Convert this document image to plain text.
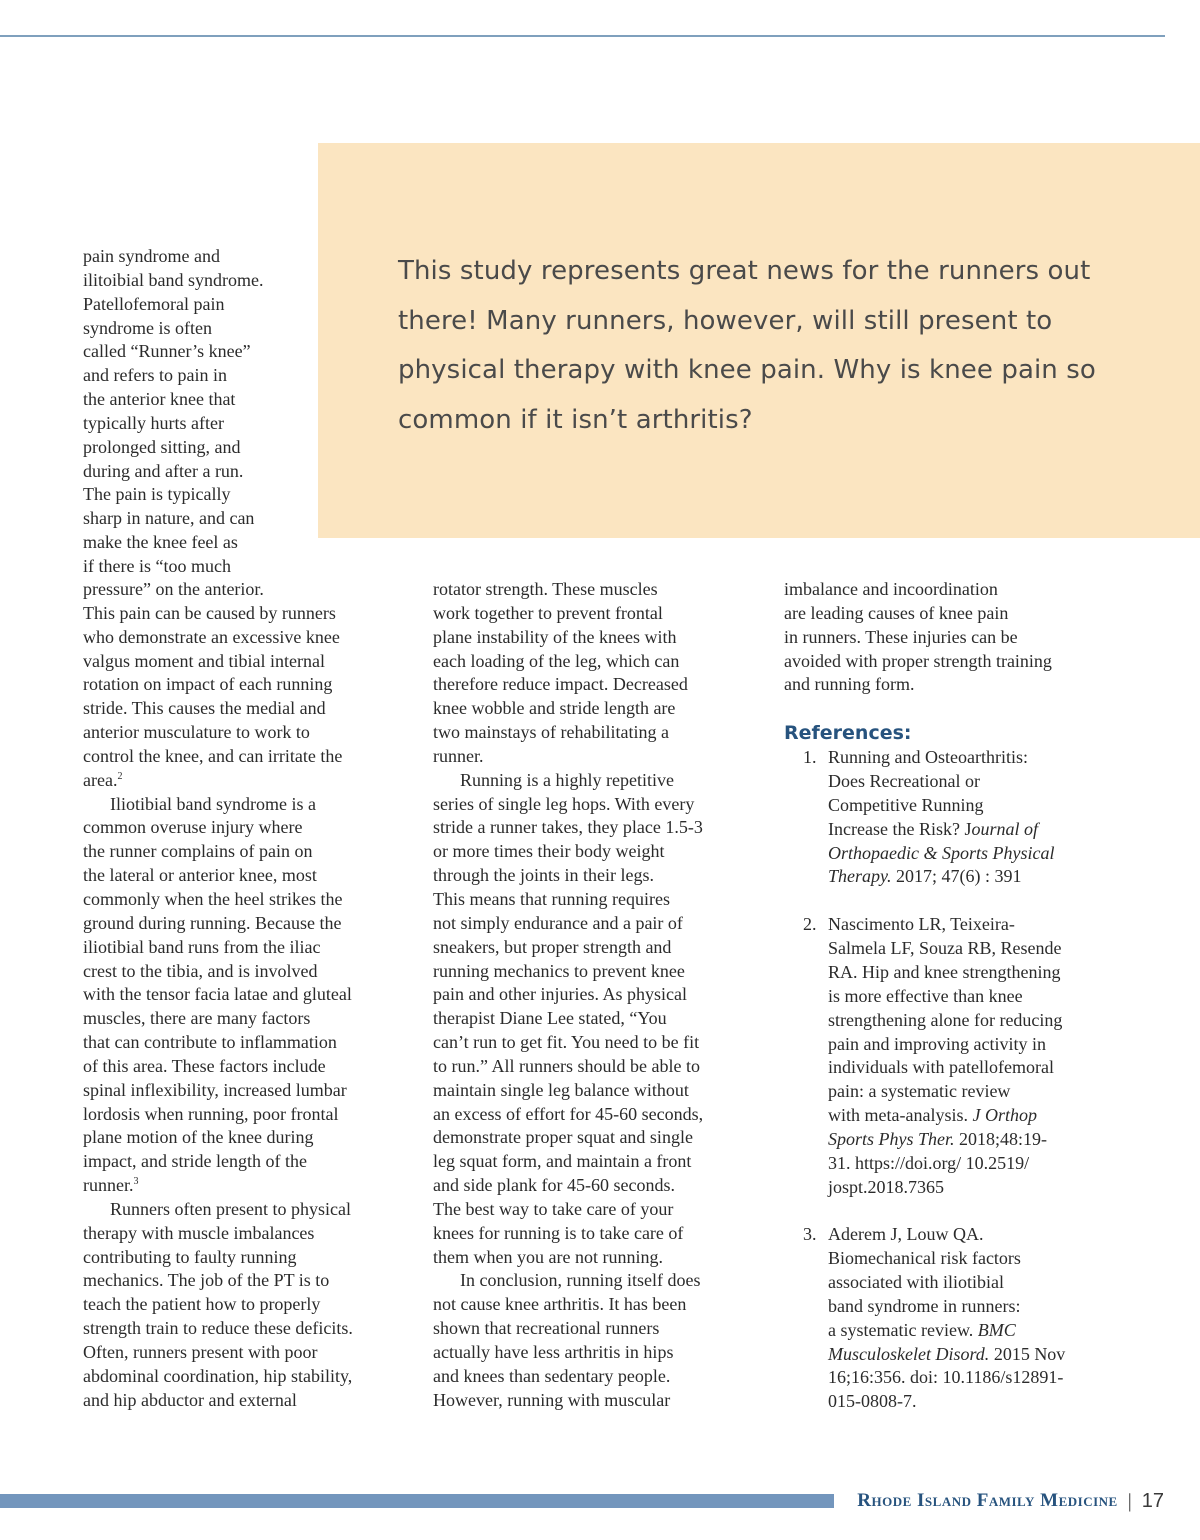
This study represents great news for the runners out there! Many runners, however, will still present to physical therapy with knee pain. Why is knee pain so common if it isn’t arthritis?

pain syndrome and
ilitoibial band syndrome.
Patellofemoral pain
syndrome is often
called “Runner’s knee”
and refers to pain in
the anterior knee that
typically hurts after
prolonged sitting, and
during and after a run.
The pain is typically
sharp in nature, and can
make the knee feel as
if there is “too much
pressure” on the anterior.
This pain can be caused by runners
who demonstrate an excessive knee
valgus moment and tibial internal
rotation on impact of each running
stride. This causes the medial and
anterior musculature to work to
control the knee, and can irritate the
area.$^2$
Iliotibial band syndrome is a
common overuse injury where
the runner complains of pain on
the lateral or anterior knee, most
commonly when the heel strikes the
ground during running. Because the
iliotibial band runs from the iliac
crest to the tibia, and is involved
with the tensor facia latae and gluteal
muscles, there are many factors
that can contribute to inflammation
of this area. These factors include
spinal inflexibility, increased lumbar
lordosis when running, poor frontal
plane motion of the knee during
impact, and stride length of the
runner.$^3$
Runners often present to physical
therapy with muscle imbalances
contributing to faulty running
mechanics. The job of the PT is to
teach the patient how to properly
strength train to reduce these deficits.
Often, runners present with poor
abdominal coordination, hip stability,
and hip abductor and external
rotator strength. These muscles
work together to prevent frontal
plane instability of the knees with
each loading of the leg, which can
therefore reduce impact. Decreased
knee wobble and stride length are
two mainstays of rehabilitating a
runner.
Running is a highly repetitive
series of single leg hops. With every
stride a runner takes, they place 1.5-3
or more times their body weight
through the joints in their legs.
This means that running requires
not simply endurance and a pair of
sneakers, but proper strength and
running mechanics to prevent knee
pain and other injuries. As physical
therapist Diane Lee stated, “You
can’t run to get fit. You need to be fit
to run.” All runners should be able to
maintain single leg balance without
an excess of effort for 45-60 seconds,
demonstrate proper squat and single
leg squat form, and maintain a front
and side plank for 45-60 seconds.
The best way to take care of your
knees for running is to take care of
them when you are not running.
In conclusion, running itself does
not cause knee arthritis. It has been
shown that recreational runners
actually have less arthritis in hips
and knees than sedentary people.
However, running with muscular
imbalance and incoordination
are leading causes of knee pain
in runners. These injuries can be
avoided with proper strength training
and running form.
References:
1. Running and Osteoarthritis:
Does Recreational or
Competitive Running
Increase the Risk? Journal of
Orthopaedic & Sports Physical
Therapy. 2017; 47(6) : 391
2. Nascimento LR, Teixeira-
Salmela LF, Souza RB, Resende
RA. Hip and knee strengthening
is more effective than knee
strengthening alone for reducing
pain and improving activity in
individuals with patellofemoral
pain: a systematic review
with meta-analysis. J Orthop
Sports Phys Ther. 2018;48:19-
31. https://doi.org/ 10.2519/
jospt.2018.7365
3. Aderem J, Louw QA.
Biomechanical risk factors
associated with iliotibial
band syndrome in runners:
a systematic review. BMC
Musculoskelet Disord. 2015 Nov
16;16:356. doi: 10.1186/s12891-
015-0808-7.
Rhode Island Family Medicine | 17
